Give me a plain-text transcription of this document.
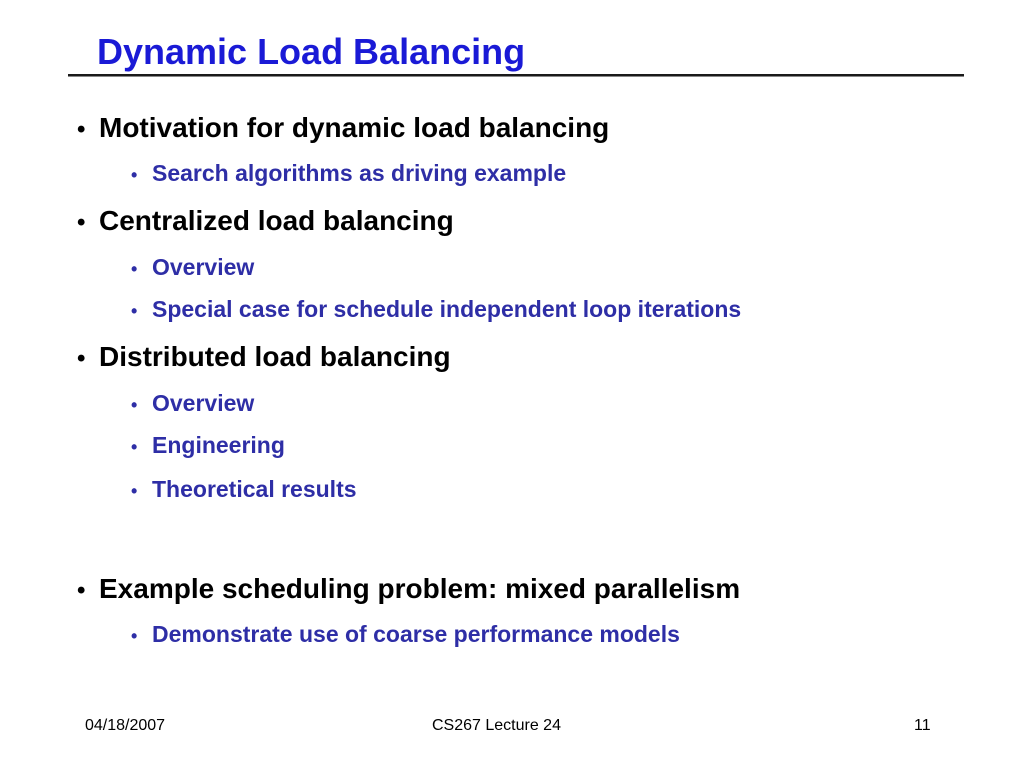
Dynamic Load Balancing
• Motivation for dynamic load balancing
• Search algorithms as driving example
• Centralized load balancing
• Overview
• Special case for schedule independent loop iterations
• Distributed load balancing
• Overview
• Engineering
• Theoretical results
• Example scheduling problem: mixed parallelism
• Demonstrate use of coarse performance models
04/18/2007	CS267 Lecture 24	11
